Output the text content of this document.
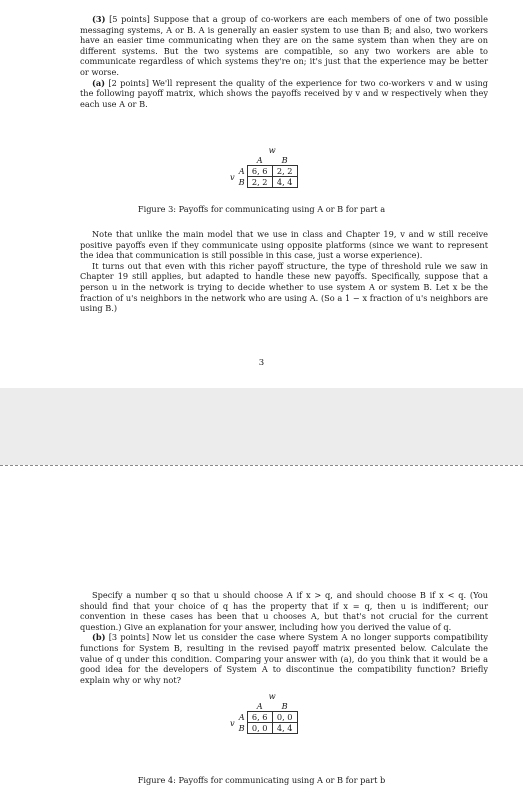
(3) [5 points] Suppose that a group of co-workers are each members of one of two possible messaging systems, A or B. A is generally an easier system to use than B; and also, two workers have an easier time communicating when they are on the same system than when they are on different systems. But the two systems are compatible, so any two workers are able to communicate regardless of which systems they're on; it's just that the experience may be better or worse.

(a) [2 points] We'll represent the quality of the experience for two co-workers v and w using the following payoff matrix, which shows the payoffs received by v and w respectively when they each use A or B.

		w	
		A	B
v	A	6, 6	2, 2
	B	2, 2	4, 4
Figure 3: Payoffs for communicating using A or B for part a

Note that unlike the main model that we use in class and Chapter 19, v and w still receive positive payoffs even if they communicate using opposite platforms (since we want to represent the idea that communication is still possible in this case, just a worse experience).

It turns out that even with this richer payoff structure, the type of threshold rule we saw in Chapter 19 still applies, but adapted to handle these new payoffs. Specifically, suppose that a person u in the network is trying to decide whether to use system A or system B. Let x be the fraction of u's neighbors in the network who are using A. (So a 1 − x fraction of u's neighbors are using B.)

3

Specify a number q so that u should choose A if x > q, and should choose B if x < q. (You should find that your choice of q has the property that if x = q, then u is indifferent; our convention in these cases has been that u chooses A, but that's not crucial for the current question.) Give an explanation for your answer, including how you derived the value of q.

(b) [3 points] Now let us consider the case where System A no longer supports compatibility functions for System B, resulting in the revised payoff matrix presented below. Calculate the value of q under this condition. Comparing your answer with (a), do you think that it would be a good idea for the developers of System A to discontinue the compatibility function? Briefly explain why or why not?

		w	
		A	B
v	A	6, 6	0, 0
	B	0, 0	4, 4
Figure 4: Payoffs for communicating using A or B for part b
